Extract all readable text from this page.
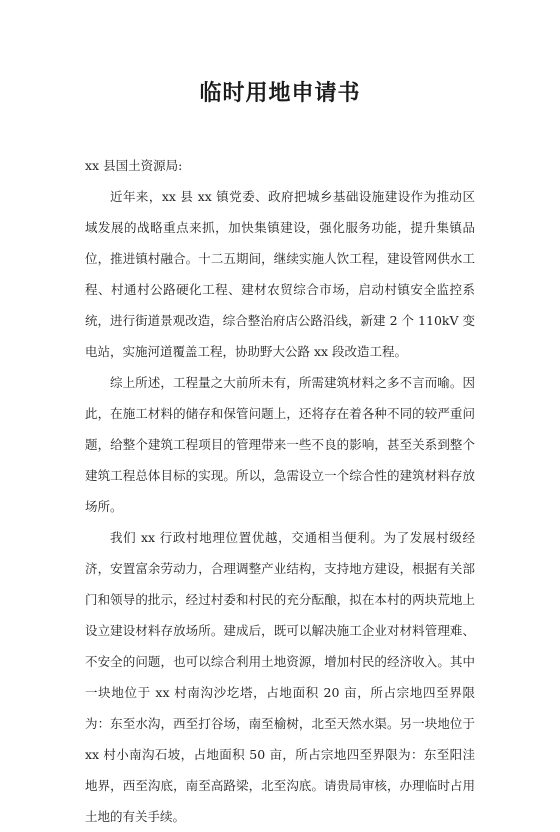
临时用地申请书

xx 县国土资源局:

近年来，xx 县 xx 镇党委、政府把城乡基础设施建设作为推动区域发展的战略重点来抓，加快集镇建设，强化服务功能，提升集镇品位，推进镇村融合。十二五期间，继续实施人饮工程，建设管网供水工程、村通村公路硬化工程、建材农贸综合市场，启动村镇安全监控系统，进行街道景观改造，综合整治府店公路沿线，新建 2 个 110kV 变电站，实施河道覆盖工程，协助野大公路 xx 段改造工程。

综上所述，工程量之大前所未有，所需建筑材料之多不言而喻。因此，在施工材料的储存和保管问题上，还将存在着各种不同的较严重问题，给整个建筑工程项目的管理带来一些不良的影响，甚至关系到整个建筑工程总体目标的实现。所以，急需设立一个综合性的建筑材料存放场所。

我们 xx 行政村地理位置优越，交通相当便利。为了发展村级经济，安置富余劳动力，合理调整产业结构，支持地方建设，根据有关部门和领导的批示，经过村委和村民的充分酝酿，拟在本村的两块荒地上设立建设材料存放场所。建成后，既可以解决施工企业对材料管理难、不安全的问题，也可以综合利用土地资源，增加村民的经济收入。其中一块地位于 xx 村南沟沙圪塔，占地面积 20 亩，所占宗地四至界限为：东至水沟，西至打谷场，南至榆树，北至天然水渠。另一块地位于 xx 村小南沟石坡，占地面积 50 亩，所占宗地四至界限为：东至阳洼地界，西至沟底，南至高路梁，北至沟底。请贵局审核，办理临时占用土地的有关手续。
